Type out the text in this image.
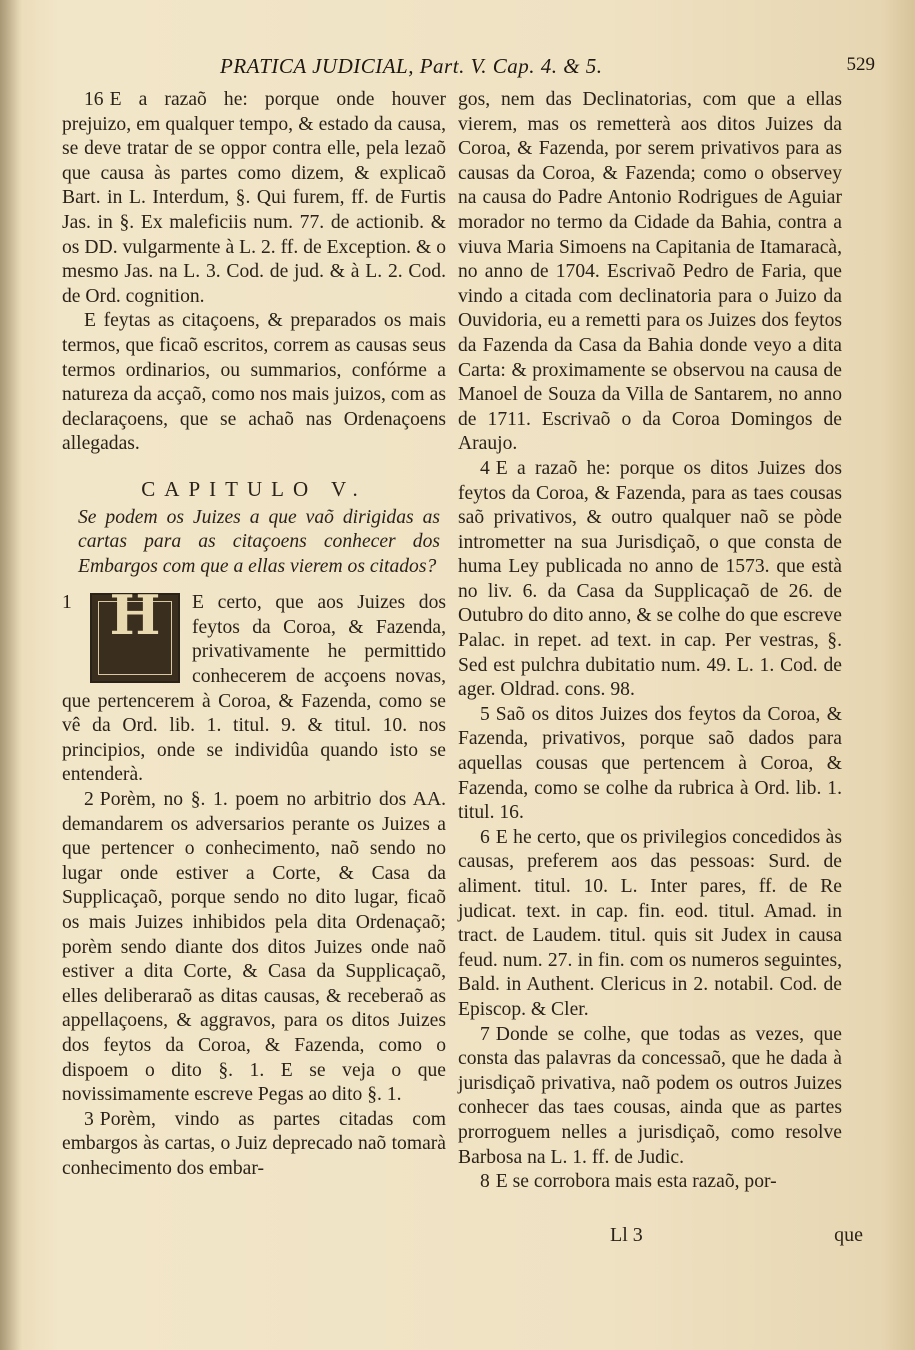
PRATICA JUDICIAL, Part. V. Cap. 4. & 5.	529

16 E a razaõ he: porque onde houver prejuizo, em qualquer tempo, & estado da causa, se deve tratar de se oppor contra elle, pela lezaõ que causa às partes como dizem, & explicaõ Bart. in L. Interdum, §. Qui furem, ff. de Furtis Jas. in §. Ex maleficiis num. 77. de actionib. & os DD. vulgarmente à L. 2. ff. de Exception. & o mesmo Jas. na L. 3. Cod. de jud. & à L. 2. Cod. de Ord. cognition.

E feytas as citaçoens, & preparados os mais termos, que ficaõ escritos, correm as causas seus termos ordinarios, ou summarios, confórme a natureza da acçaõ, como nos mais juizos, com as declaraçoens, que se achaõ nas Ordenaçoens allegadas.

CAPITULO V.
Se podem os Juizes a que vaõ dirigidas as cartas para as citaçoens conhecer dos Embargos com que a ellas vierem os citados?
1 H	E certo, que aos Juizes dos feytos da Coroa, & Fazenda, privativamente he permittido conhecerem de acçoens novas, que pertencerem à Coroa, & Fazenda, como se vê da Ord. lib. 1. titul. 9. & titul. 10. nos principios, onde se individûa quando isto se entenderà.

2 Porèm, no §. 1. poem no arbitrio dos AA. demandarem os adversarios perante os Juizes a que pertencer o conhecimento, naõ sendo no lugar onde estiver a Corte, & Casa da Supplicaçaõ, porque sendo no dito lugar, ficaõ os mais Juizes inhibidos pela dita Ordenaçaõ; porèm sendo diante dos ditos Juizes onde naõ estiver a dita Corte, & Casa da Supplicaçaõ, elles deliberaraõ as ditas causas, & receberaõ as appellaçoens, & aggravos, para os ditos Juizes dos feytos da Coroa, & Fazenda, como o dispoem o dito §. 1. E se veja o que novissimamente escreve Pegas ao dito §. 1.

3 Porèm, vindo as partes citadas com embargos às cartas, o Juiz deprecado naõ tomarà conhecimento dos embar-

gos, nem das Declinatorias, com que a ellas vierem, mas os remetterà aos ditos Juizes da Coroa, & Fazenda, por serem privativos para as causas da Coroa, & Fazenda; como o observey na causa do Padre Antonio Rodrigues de Aguiar morador no termo da Cidade da Bahia, contra a viuva Maria Simoens na Capitania de Itamaracà, no anno de 1704. Escrivaõ Pedro de Faria, que vindo a citada com declinatoria para o Juizo da Ouvidoria, eu a remetti para os Juizes dos feytos da Fazenda da Casa da Bahia donde veyo a dita Carta: & proximamente se observou na causa de Manoel de Souza da Villa de Santarem, no anno de 1711. Escrivaõ o da Coroa Domingos de Araujo.

4 E a razaõ he: porque os ditos Juizes dos feytos da Coroa, & Fazenda, para as taes cousas saõ privativos, & outro qualquer naõ se pòde intrometter na sua Jurisdiçaõ, o que consta de huma Ley publicada no anno de 1573. que està no liv. 6. da Casa da Supplicaçaõ de 26. de Outubro do dito anno, & se colhe do que escreve Palac. in repet. ad text. in cap. Per vestras, §. Sed est pulchra dubitatio num. 49. L. 1. Cod. de ager. Oldrad. cons. 98.

5 Saõ os ditos Juizes dos feytos da Coroa, & Fazenda, privativos, porque saõ dados para aquellas cousas que pertencem à Coroa, & Fazenda, como se colhe da rubrica à Ord. lib. 1. titul. 16.

6 E he certo, que os privilegios concedidos às causas, preferem aos das pessoas: Surd. de aliment. titul. 10. L. Inter pares, ff. de Re judicat. text. in cap. fin. eod. titul. Amad. in tract. de Laudem. titul. quis sit Judex in causa feud. num. 27. in fin. com os numeros seguintes, Bald. in Authent. Clericus in 2. notabil. Cod. de Episcop. & Cler.

7 Donde se colhe, que todas as vezes, que consta das palavras da concessaõ, que he dada à jurisdiçaõ privativa, naõ podem os outros Juizes conhecer das taes cousas, ainda que as partes prorroguem nelles a jurisdiçaõ, como resolve Barbosa na L. 1. ff. de Judic.

8 E se corrobora mais esta razaõ, por-

Ll 3	que
